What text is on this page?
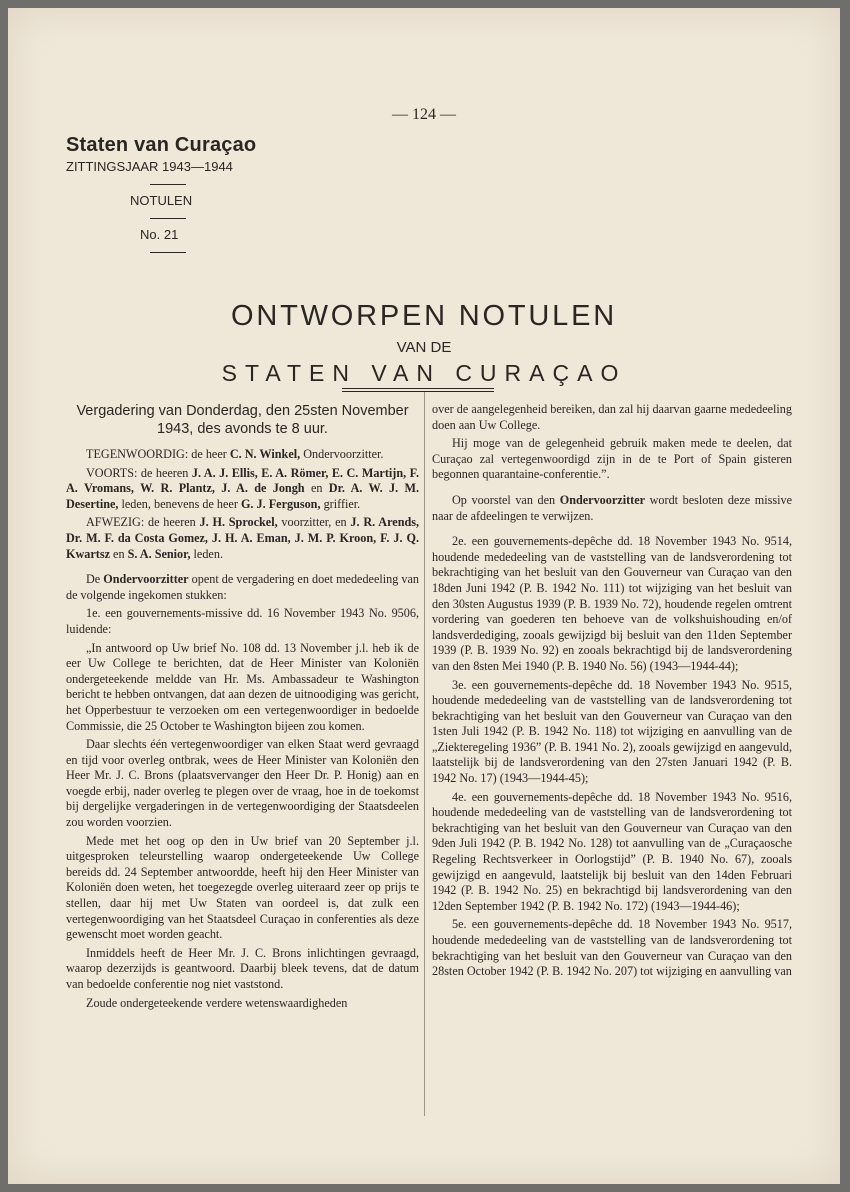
— 124 —
Staten van Curaçao
ZITTINGSJAAR 1943—1944
NOTULEN
No. 21
ONTWORPEN NOTULEN
VAN DE
STATEN VAN CURAÇAO
Vergadering van Donderdag, den 25sten November 1943, des avonds te 8 uur.

TEGENWOORDIG: de heer C. N. Winkel, Ondervoorzitter.

VOORTS: de heeren J. A. J. Ellis, E. A. Römer, E. C. Martijn, F. A. Vromans, W. R. Plantz, J. A. de Jongh en Dr. A. W. J. M. Desertine, leden, benevens de heer G. J. Ferguson, griffier.

AFWEZIG: de heeren J. H. Sprockel, voorzitter, en J. R. Arends, Dr. M. F. da Costa Gomez, J. H. A. Eman, J. M. P. Kroon, F. J. Q. Kwartsz en S. A. Senior, leden.

De Ondervoorzitter opent de vergadering en doet mededeeling van de volgende ingekomen stukken:

1e. een gouvernements-missive dd. 16 November 1943 No. 9506, luidende:

„In antwoord op Uw brief No. 108 dd. 13 November j.l. heb ik de eer Uw College te berichten, dat de Heer Minister van Koloniën ondergeteekende meldde van Hr. Ms. Ambassadeur te Washington bericht te hebben ontvangen, dat aan dezen de uitnoodiging was gericht, het Opperbestuur te verzoeken om een vertegenwoordiger in bedoelde Commissie, die 25 October te Washington bijeen zou komen.

Daar slechts één vertegenwoordiger van elken Staat werd gevraagd en tijd voor overleg ontbrak, wees de Heer Minister van Koloniën den Heer Mr. J. C. Brons (plaatsvervanger den Heer Dr. P. Honig) aan en voegde erbij, nader overleg te plegen over de vraag, hoe in de toekomst bij dergelijke vergaderingen in de vertegenwoordiging der Staatsdeelen zou worden voorzien.

Mede met het oog op den in Uw brief van 20 September j.l. uitgesproken teleurstelling waarop ondergeteekende Uw College bereids dd. 24 September antwoordde, heeft hij den Heer Minister van Koloniën doen weten, het toegezegde overleg uiteraard zeer op prijs te stellen, daar hij met Uw Staten van oordeel is, dat zulk een vertegenwoordiging van het Staatsdeel Curaçao in conferenties als deze gewenscht moet worden geacht.

Inmiddels heeft de Heer Mr. J. C. Brons inlichtingen gevraagd, waarop dezerzijds is geantwoord. Daarbij bleek tevens, dat de datum van bedoelde conferentie nog niet vaststond.

Zoude ondergeteekende verdere wetenswaardigheden

over de aangelegenheid bereiken, dan zal hij daarvan gaarne mededeeling doen aan Uw College.

Hij moge van de gelegenheid gebruik maken mede te deelen, dat Curaçao zal vertegenwoordigd zijn in de te Port of Spain gisteren begonnen quarantaine-conferentie.”.

Op voorstel van den Ondervoorzitter wordt besloten deze missive naar de afdeelingen te verwijzen.

2e. een gouvernements-depêche dd. 18 November 1943 No. 9514, houdende mededeeling van de vaststelling van de landsverordening tot bekrachtiging van het besluit van den Gouverneur van Curaçao van den 18den Juni 1942 (P. B. 1942 No. 111) tot wijziging van het besluit van den 30sten Augustus 1939 (P. B. 1939 No. 72), houdende regelen omtrent vordering van goederen ten behoeve van de volkshuishouding en/of landsverdediging, zooals gewijzigd bij besluit van den 11den September 1939 (P. B. 1939 No. 92) en zooals bekrachtigd bij de landsverordening van den 8sten Mei 1940 (P. B. 1940 No. 56) (1943—1944-44);

3e. een gouvernements-depêche dd. 18 November 1943 No. 9515, houdende mededeeling van de vaststelling van de landsverordening tot bekrachtiging van het besluit van den Gouverneur van Curaçao van den 1sten Juli 1942 (P. B. 1942 No. 118) tot wijziging en aanvulling van de „Ziekteregeling 1936” (P. B. 1941 No. 2), zooals gewijzigd en aangevuld, laatstelijk bij de landsverordening van den 27sten Januari 1942 (P. B. 1942 No. 17) (1943—1944-45);

4e. een gouvernements-depêche dd. 18 November 1943 No. 9516, houdende mededeeling van de vaststelling van de landsverordening tot bekrachtiging van het besluit van den Gouverneur van Curaçao van den 9den Juli 1942 (P. B. 1942 No. 128) tot aanvulling van de „Curaçaosche Regeling Rechtsverkeer in Oorlogstijd” (P. B. 1940 No. 67), zooals gewijzigd en aangevuld, laatstelijk bij besluit van den 14den Februari 1942 (P. B. 1942 No. 25) en bekrachtigd bij landsverordening van den 12den September 1942 (P. B. 1942 No. 172) (1943—1944-46);

5e. een gouvernements-depêche dd. 18 November 1943 No. 9517, houdende mededeeling van de vaststelling van de landsverordening tot bekrachtiging van het besluit van den Gouverneur van Curaçao van den 28sten October 1942 (P. B. 1942 No. 207) tot wijziging en aanvulling van
